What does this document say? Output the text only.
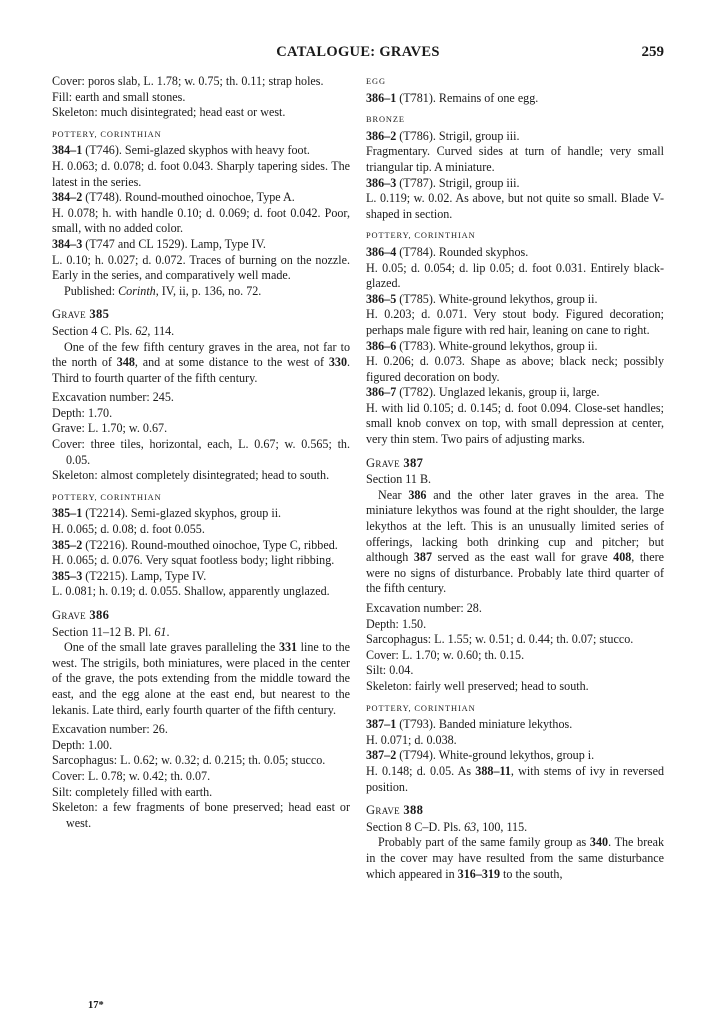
CATALOGUE: GRAVES	259

Cover: poros slab, L. 1.78; w. 0.75; th. 0.11; strap holes.

Fill: earth and small stones.

Skeleton: much disintegrated; head east or west.

POTTERY, CORINTHIAN

384–1 (T746). Semi-glazed skyphos with heavy foot.

H. 0.063; d. 0.078; d. foot 0.043. Sharply tapering sides. The latest in the series.

384–2 (T748). Round-mouthed oinochoe, Type A.

H. 0.078; h. with handle 0.10; d. 0.069; d. foot 0.042. Poor, small, with no added color.

384–3 (T747 and CL 1529). Lamp, Type IV.

L. 0.10; h. 0.027; d. 0.072. Traces of burning on the nozzle. Early in the series, and comparatively well made.

Published: Corinth, IV, ii, p. 136, no. 72.

Grave 385

Section 4 C. Pls. 62, 114.

One of the few fifth century graves in the area, not far to the north of 348, and at some distance to the west of 330. Third to fourth quarter of the fifth century.

Excavation number: 245.

Depth: 1.70.

Grave: L. 1.70; w. 0.67.

Cover: three tiles, horizontal, each, L. 0.67; w. 0.565; th. 0.05.

Skeleton: almost completely disintegrated; head to south.

POTTERY, CORINTHIAN

385–1 (T2214). Semi-glazed skyphos, group ii.

H. 0.065; d. 0.08; d. foot 0.055.

385–2 (T2216). Round-mouthed oinochoe, Type C, ribbed.

H. 0.065; d. 0.076. Very squat footless body; light ribbing.

385–3 (T2215). Lamp, Type IV.

L. 0.081; h. 0.19; d. 0.055. Shallow, apparently unglazed.

Grave 386

Section 11–12 B. Pl. 61.

One of the small late graves paralleling the 331 line to the west. The strigils, both miniatures, were placed in the center of the grave, the pots extending from the middle toward the east, and the egg alone at the east end, but nearest to the lekanis. Late third, early fourth quarter of the fifth century.

Excavation number: 26.

Depth: 1.00.

Sarcophagus: L. 0.62; w. 0.32; d. 0.215; th. 0.05; stucco.

Cover: L. 0.78; w. 0.42; th. 0.07.

Silt: completely filled with earth.

Skeleton: a few fragments of bone preserved; head east or west.

EGG

386–1 (T781). Remains of one egg.

BRONZE

386–2 (T786). Strigil, group iii.

Fragmentary. Curved sides at turn of handle; very small triangular tip. A miniature.

386–3 (T787). Strigil, group iii.

L. 0.119; w. 0.02. As above, but not quite so small. Blade V-shaped in section.

POTTERY, CORINTHIAN

386–4 (T784). Rounded skyphos.

H. 0.05; d. 0.054; d. lip 0.05; d. foot 0.031. Entirely black-glazed.

386–5 (T785). White-ground lekythos, group ii.

H. 0.203; d. 0.071. Very stout body. Figured decoration; perhaps male figure with red hair, leaning on cane to right.

386–6 (T783). White-ground lekythos, group ii.

H. 0.206; d. 0.073. Shape as above; black neck; possibly figured decoration on body.

386–7 (T782). Unglazed lekanis, group ii, large.

H. with lid 0.105; d. 0.145; d. foot 0.094. Close-set handles; small knob convex on top, with small depression at center, very thin stem. Two pairs of adjusting marks.

Grave 387

Section 11 B.

Near 386 and the other later graves in the area. The miniature lekythos was found at the right shoulder, the large lekythos at the left. This is an unusually limited series of offerings, lacking both drinking cup and pitcher; but although 387 served as the east wall for grave 408, there were no signs of disturbance. Probably late third quarter of the fifth century.

Excavation number: 28.

Depth: 1.50.

Sarcophagus: L. 1.55; w. 0.51; d. 0.44; th. 0.07; stucco.

Cover: L. 1.70; w. 0.60; th. 0.15.

Silt: 0.04.

Skeleton: fairly well preserved; head to south.

POTTERY, CORINTHIAN

387–1 (T793). Banded miniature lekythos.

H. 0.071; d. 0.038.

387–2 (T794). White-ground lekythos, group i.

H. 0.148; d. 0.05. As 388–11, with stems of ivy in reversed position.

Grave 388

Section 8 C–D. Pls. 63, 100, 115.

Probably part of the same family group as 340. The break in the cover may have resulted from the same disturbance which appeared in 316–319 to the south,

17*
